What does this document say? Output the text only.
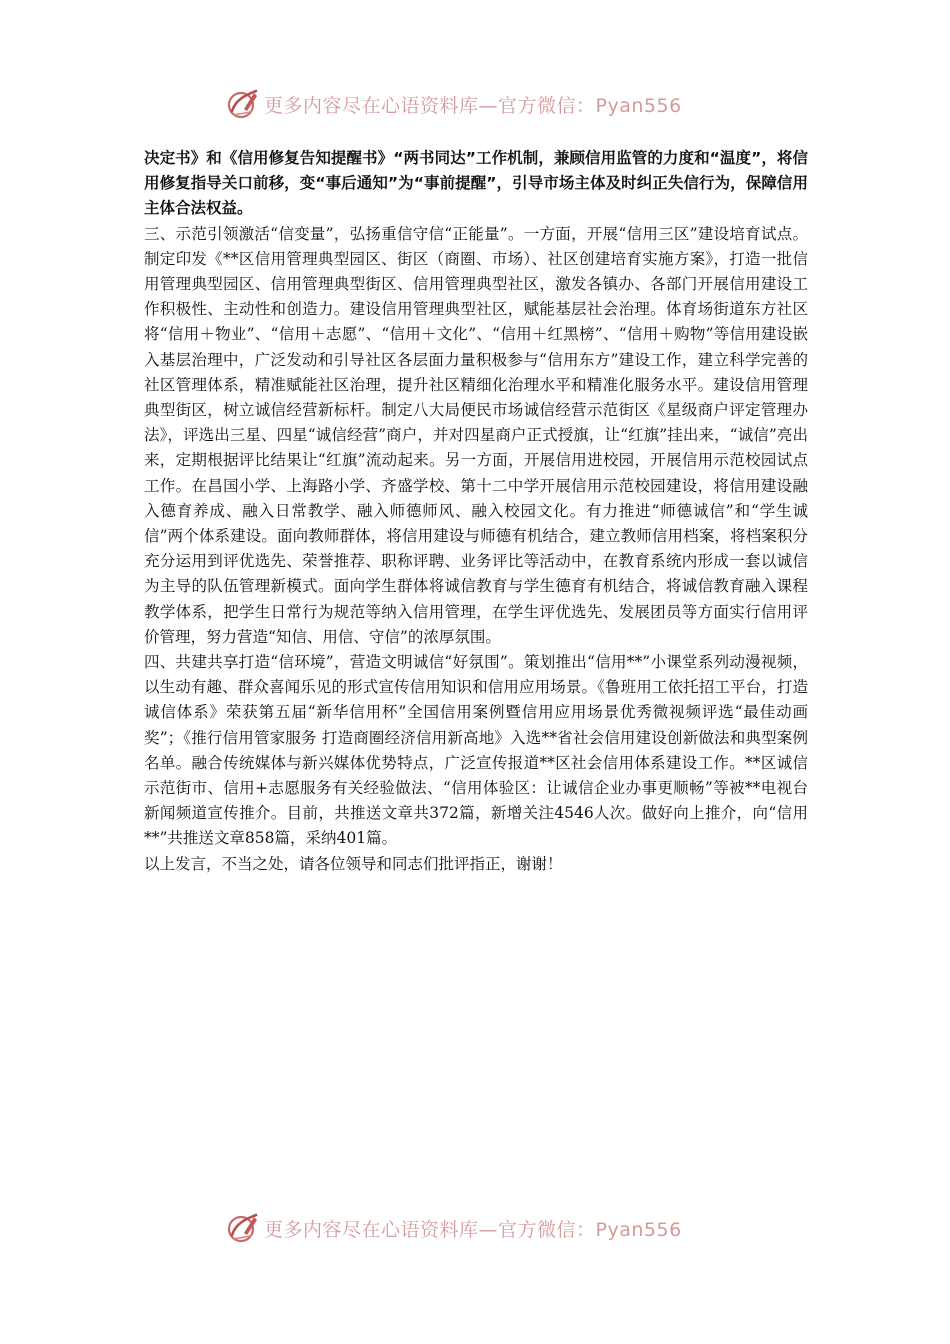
更多内容尽在心语资料库—官方微信：Pyan556

决定书》和《信用修复告知提醒书》“两书同达”工作机制，兼顾信用监管的力度和“温度”，将信用修复指导关口前移，变“事后通知”为“事前提醒”，引导市场主体及时纠正失信行为，保障信用主体合法权益。

三、示范引领激活“信变量”，弘扬重信守信“正能量”。一方面，开展“信用三区”建设培育试点。制定印发《**区信用管理典型园区、街区（商圈、市场）、社区创建培育实施方案》，打造一批信用管理典型园区、信用管理典型街区、信用管理典型社区，激发各镇办、各部门开展信用建设工作积极性、主动性和创造力。建设信用管理典型社区，赋能基层社会治理。体育场街道东方社区将“信用＋物业”、“信用＋志愿”、“信用＋文化”、“信用＋红黑榜”、“信用＋购物”等信用建设嵌入基层治理中，广泛发动和引导社区各层面力量积极参与“信用东方”建设工作，建立科学完善的社区管理体系，精准赋能社区治理，提升社区精细化治理水平和精准化服务水平。建设信用管理典型街区，树立诚信经营新标杆。制定八大局便民市场诚信经营示范街区《星级商户评定管理办法》，评选出三星、四星“诚信经营”商户，并对四星商户正式授旗，让“红旗”挂出来，“诚信”亮出来，定期根据评比结果让“红旗”流动起来。另一方面，开展信用进校园，开展信用示范校园试点工作。在昌国小学、上海路小学、齐盛学校、第十二中学开展信用示范校园建设，将信用建设融入德育养成、融入日常教学、融入师德师风、融入校园文化。有力推进“师德诚信”和“学生诚信”两个体系建设。面向教师群体，将信用建设与师德有机结合，建立教师信用档案，将档案积分充分运用到评优选先、荣誉推荐、职称评聘、业务评比等活动中，在教育系统内形成一套以诚信为主导的队伍管理新模式。面向学生群体将诚信教育与学生德育有机结合，将诚信教育融入课程教学体系，把学生日常行为规范等纳入信用管理，在学生评优选先、发展团员等方面实行信用评价管理，努力营造“知信、用信、守信”的浓厚氛围。

四、共建共享打造“信环境”，营造文明诚信“好氛围”。策划推出“信用**”小课堂系列动漫视频，以生动有趣、群众喜闻乐见的形式宣传信用知识和信用应用场景。《鲁班用工依托招工平台，打造诚信体系》荣获第五届“新华信用杯”全国信用案例暨信用应用场景优秀微视频评选“最佳动画奖”；《推行信用管家服务 打造商圈经济信用新高地》入选**省社会信用建设创新做法和典型案例名单。融合传统媒体与新兴媒体优势特点，广泛宣传报道**区社会信用体系建设工作。**区诚信示范街市、信用+志愿服务有关经验做法、“信用体验区：让诚信企业办事更顺畅”等被**电视台新闻频道宣传推介。目前，共推送文章共372篇，新增关注4546人次。做好向上推介，向“信用**”共推送文章858篇，采纳401篇。

以上发言，不当之处，请各位领导和同志们批评指正，谢谢！

更多内容尽在心语资料库—官方微信：Pyan556
